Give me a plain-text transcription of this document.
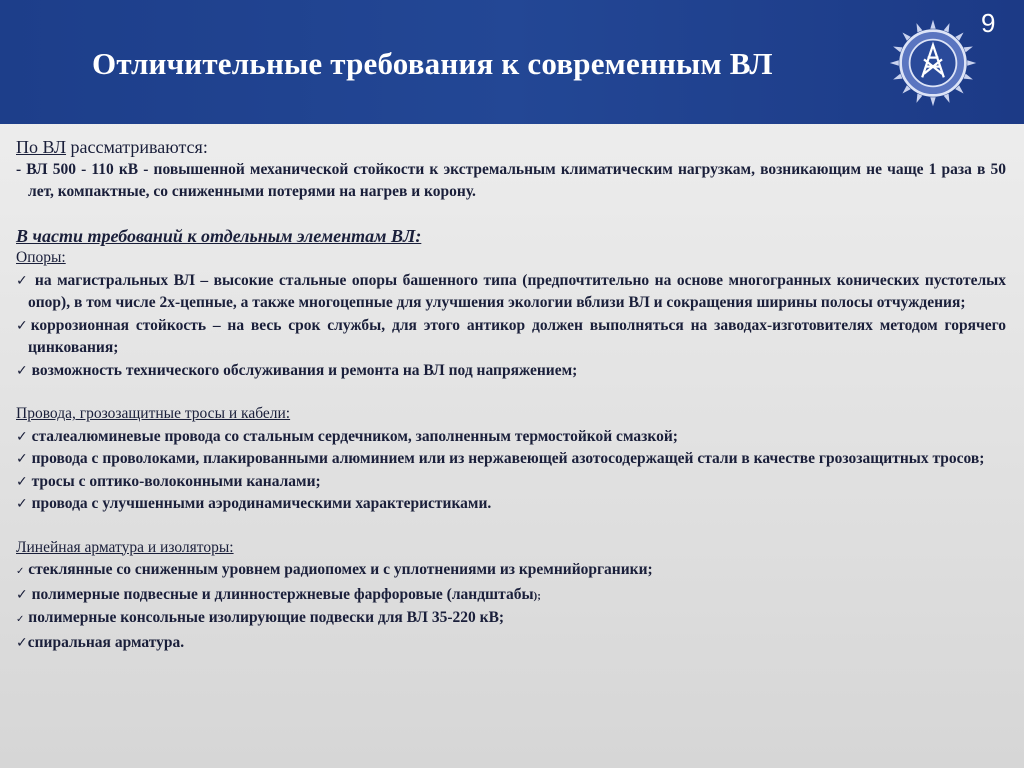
Отличительные требования к современным ВЛ
9

По ВЛ рассматриваются:

- ВЛ 500 - 110 кВ - повышенной механической стойкости к экстремальным климатическим нагрузкам, возникающим не чаще 1 раза в 50 лет, компактные, со сниженными потерями на нагрев и корону.

В части требований к отдельным элементам ВЛ:

Опоры:

✓ на магистральных ВЛ – высокие стальные опоры башенного типа (предпочтительно на основе многогранных конических пустотелых опор), в том числе 2х-цепные, а также многоцепные для улучшения экологии вблизи ВЛ и сокращения ширины полосы отчуждения;

✓коррозионная стойкость – на весь срок службы, для этого антикор должен выполняться на заводах-изготовителях методом горячего цинкования;

✓ возможность технического обслуживания и ремонта на ВЛ под напряжением;

Провода, грозозащитные тросы и кабели:

✓ сталеалюминевые провода со стальным сердечником, заполненным термостойкой смазкой;

✓ провода с проволоками, плакированными алюминием или из нержавеющей азотосодержащей стали в качестве грозозащитных тросов;

✓ тросы с оптико-волоконными каналами;

✓ провода с улучшенными аэродинамическими характеристиками.

Линейная арматура и изоляторы:

✓ стеклянные со сниженным уровнем радиопомех и с уплотнениями из кремнийорганики;

✓ полимерные подвесные и длинностержневые фарфоровые (ландштабы);

✓ полимерные консольные изолирующие подвески для ВЛ 35-220 кВ;

✓спиральная арматура.
